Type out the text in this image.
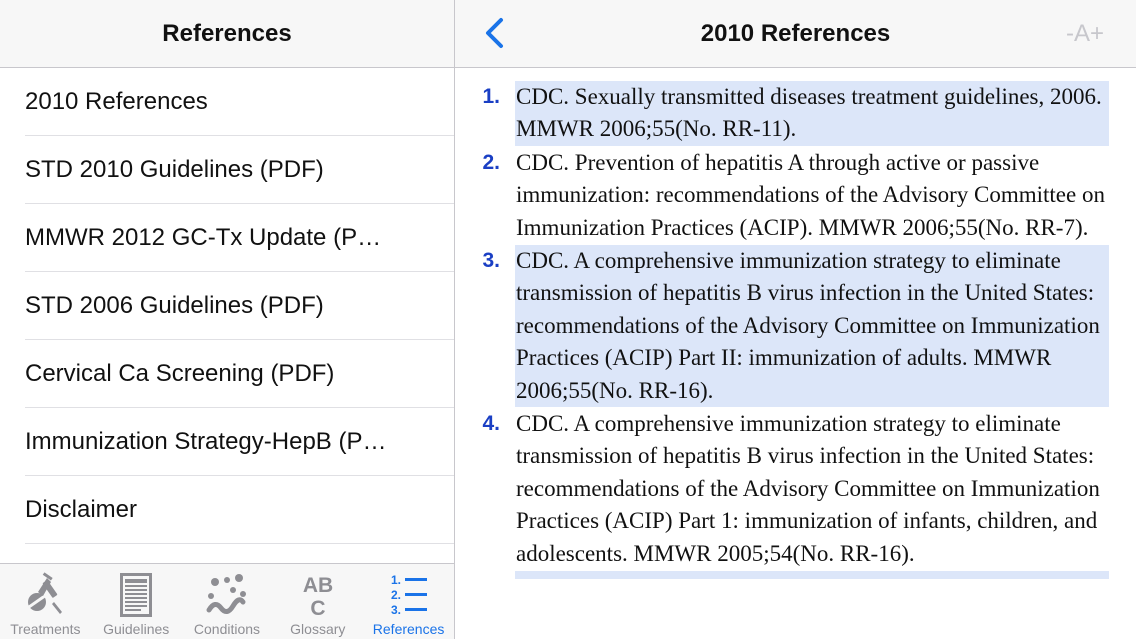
References
2010 References
STD 2010 Guidelines (PDF)
MMWR 2012 GC-Tx Update (P…
STD 2006 Guidelines (PDF)
Cervical Ca Screening (PDF)
Immunization Strategy-HepB (P…
Disclaimer
Treatments Guidelines Conditions
AB
C
Glossary
1.
2.
3.
References
2010 References	-A+
1. CDC. Sexually transmitted diseases treatment guidelines, 2006. MMWR 2006;55(No. RR-11).
2. CDC. Prevention of hepatitis A through active or passive immunization: recommendations of the Advisory Committee on Immunization Practices (ACIP). MMWR 2006;55(No. RR-7).
3. CDC. A comprehensive immunization strategy to eliminate transmission of hepatitis B virus infection in the United States: recommendations of the Advisory Committee on Immunization Practices (ACIP) Part II: immunization of adults. MMWR 2006;55(No. RR-16).
4. CDC. A comprehensive immunization strategy to eliminate transmission of hepatitis B virus infection in the United States: recommendations of the Advisory Committee on Immunization Practices (ACIP) Part 1: immunization of infants, children, and adolescents. MMWR 2005;54(No. RR-16).
